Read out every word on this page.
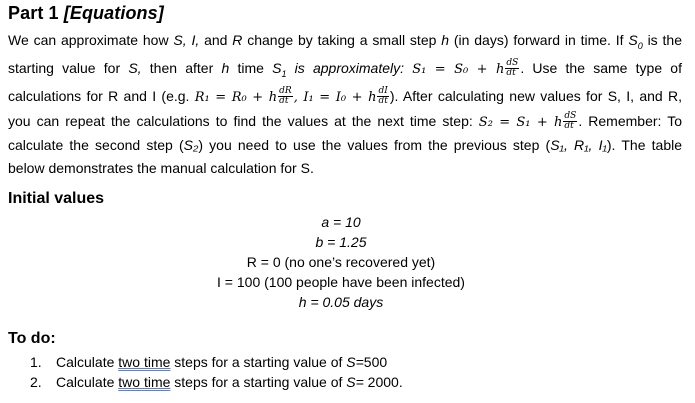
Part 1 [Equations]
We can approximate how S, I, and R change by taking a small step h (in days) forward in time. If $S_0$ is the
starting value for S, then after h time $S_1$ is approximately: S₁ = S₀ + h $\frac{dS}{dt}$ . Use the same type of
calculations for R and I (e.g. R₁ = R₀ + h $\frac{dR}{dt}$ , I₁ = I₀ + h $\frac{dI}{dt}$ ). After calculating new values for S, I, and R,
you can repeat the calculations to find the values at the next time step: S₂ = S₁ + h $\frac{dS}{dt}$ . Remember: To
calculate the second step (S₂) you need to use the values from the previous step (S₁, R₁, I₁). The table
below demonstrates the manual calculation for S.
Initial values
a = 10
b = 1.25
R = 0 (no one’s recovered yet)
I = 100 (100 people have been infected)
h = 0.05 days
To do:
1. Calculate two time steps for a starting value of S=500
2. Calculate two time steps for a starting value of S= 2000.
